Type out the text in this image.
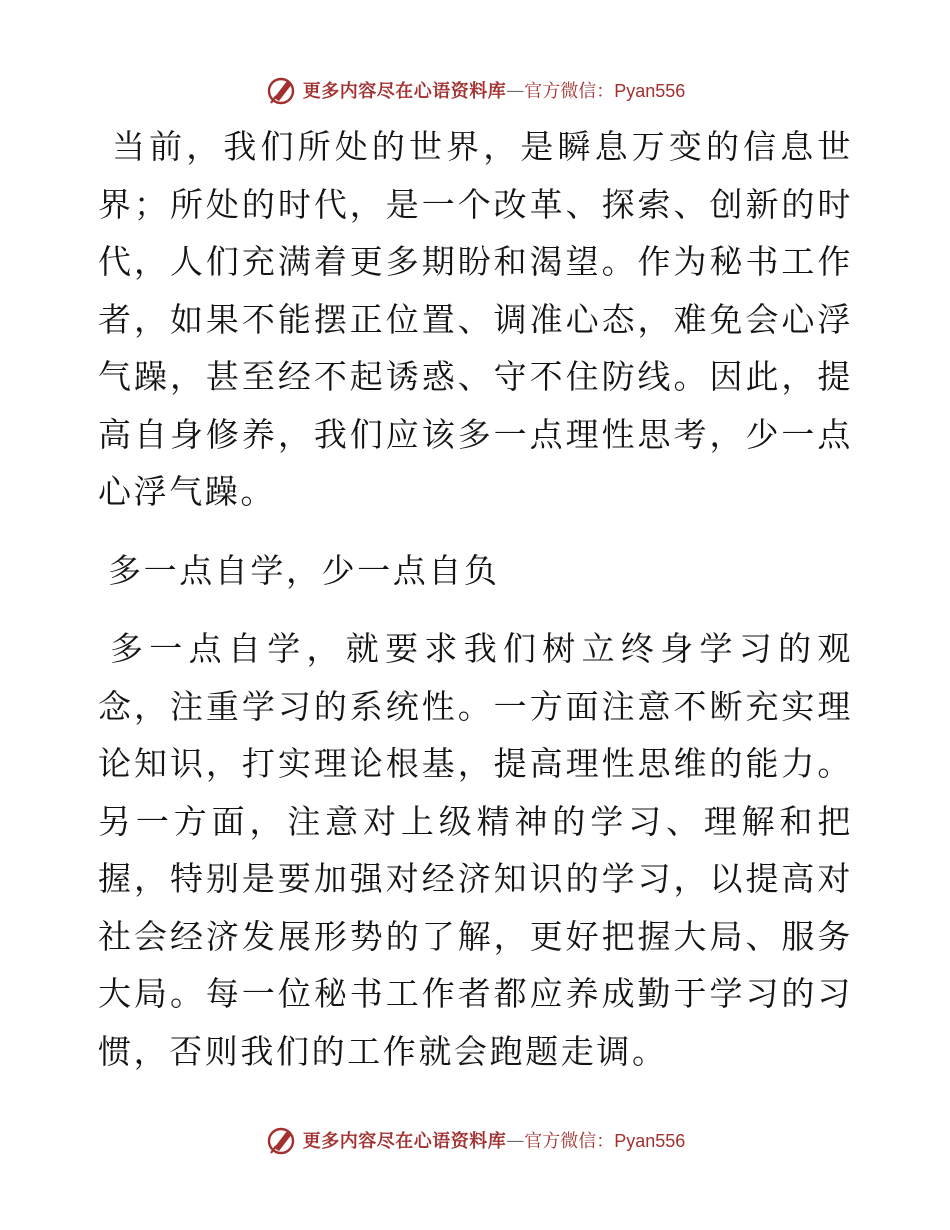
更多内容尽在心语资料库 — 官方微信：Pyan556

当前，我们所处的世界，是瞬息万变的信息世界；所处的时代，是一个改革、探索、创新的时代，人们充满着更多期盼和渴望。作为秘书工作者，如果不能摆正位置、调准心态，难免会心浮气躁，甚至经不起诱惑、守不住防线。因此，提高自身修养，我们应该多一点理性思考，少一点心浮气躁。

多一点自学，少一点自负

多一点自学，就要求我们树立终身学习的观念，注重学习的系统性。一方面注意不断充实理论知识，打实理论根基，提高理性思维的能力。另一方面，注意对上级精神的学习、理解和把握，特别是要加强对经济知识的学习，以提高对社会经济发展形势的了解，更好把握大局、服务大局。每一位秘书工作者都应养成勤于学习的习惯，否则我们的工作就会跑题走调。

更多内容尽在心语资料库 — 官方微信：Pyan556
